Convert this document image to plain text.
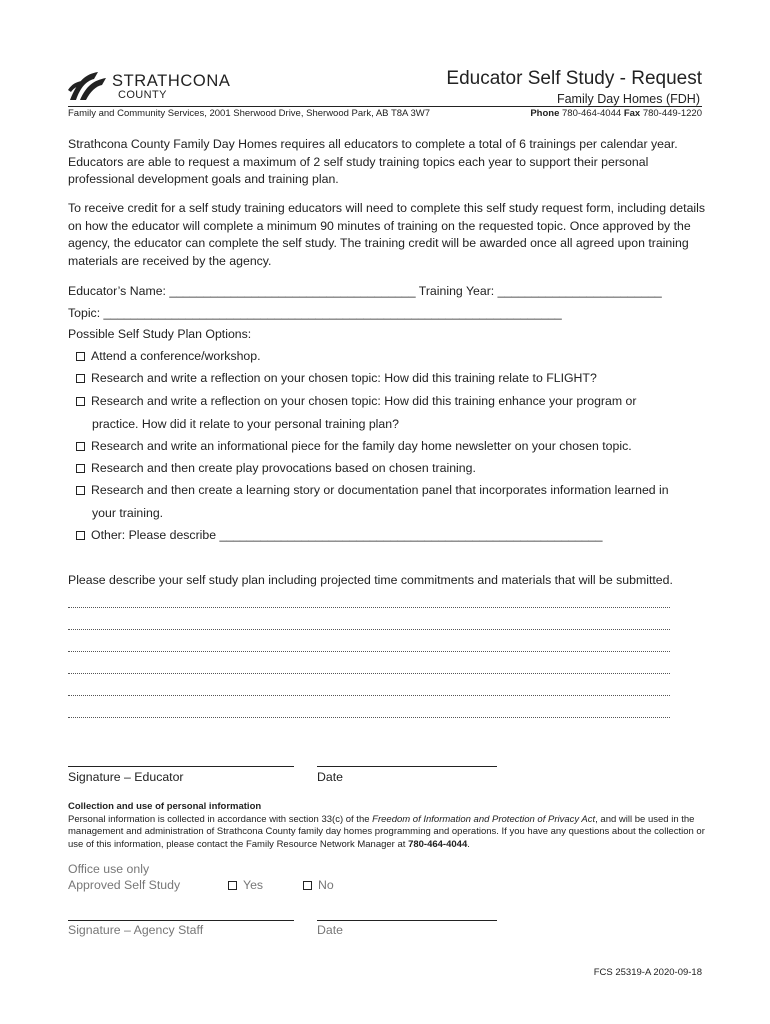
STRATHCONA
COUNTY
Educator Self Study - Request
Family Day Homes (FDH)
Family and Community Services, 2001 Sherwood Drive, Sherwood Park, AB T8A 3W7	Phone 780-464-4044 Fax 780-449-1220
Strathcona County Family Day Homes requires all educators to complete a total of 6 trainings per calendar year. Educators are able to request a maximum of 2 self study training topics each year to support their personal professional development goals and training plan.
To receive credit for a self study training educators will need to complete this self study request form, including details on how the educator will complete a minimum 90 minutes of training on the requested topic. Once approved by the agency, the educator can complete the self study. The training credit will be awarded once all agreed upon training materials are received by the agency.
Educator’s Name: ____________________________________ Training Year: ________________________
Topic: ___________________________________________________________________
Possible Self Study Plan Options:
Attend a conference/workshop.
Research and write a reflection on your chosen topic: How did this training relate to FLIGHT?
Research and write a reflection on your chosen topic: How did this training enhance your program or
practice. How did it relate to your personal training plan?
Research and write an informational piece for the family day home newsletter on your chosen topic.
Research and then create play provocations based on chosen training.
Research and then create a learning story or documentation panel that incorporates information learned in
your training.
Other: Please describe ________________________________________________________
Please describe your self study plan including projected time commitments and materials that will be submitted.
Signature – Educator	Date
Collection and use of personal information
Personal information is collected in accordance with section 33(c) of the Freedom of Information and Protection of Privacy Act, and will be used in the management and administration of Strathcona County family day homes programming and operations. If you have any questions about the collection or use of this information, please contact the Family Resource Network Manager at 780-464-4044.
Office use only
Approved Self Study	Yes	No
Signature – Agency Staff	Date
FCS 25319-A 2020-09-18
